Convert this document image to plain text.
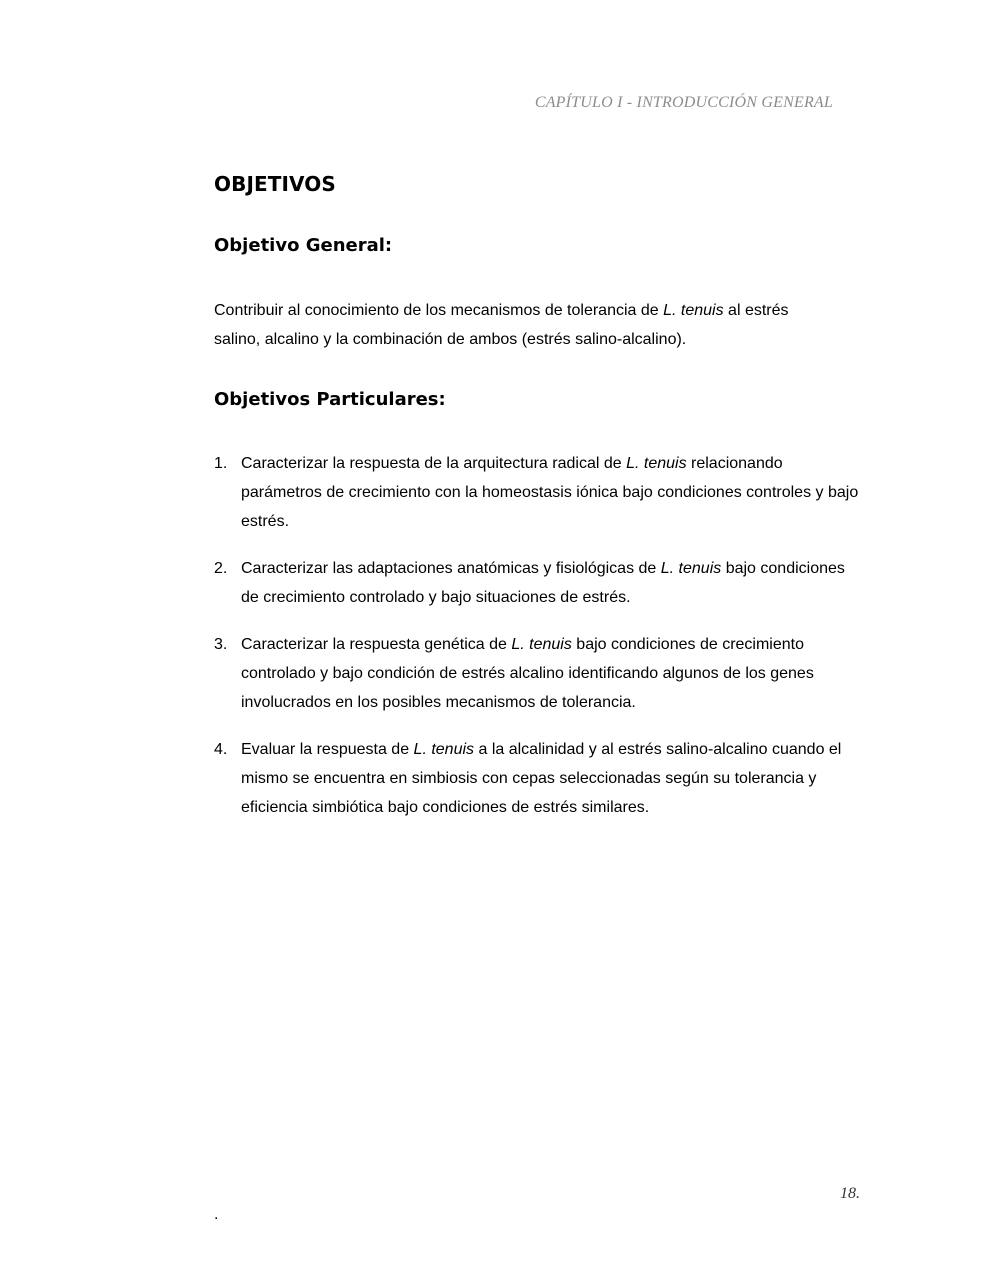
CAPÍTULO I - INTRODUCCIÓN GENERAL
OBJETIVOS
Objetivo General:

Contribuir al conocimiento de los mecanismos de tolerancia de L. tenuis al estrés salino, alcalino y la combinación de ambos (estrés salino-alcalino).

Objetivos Particulares:
1. Caracterizar la respuesta de la arquitectura radical de L. tenuis relacionando parámetros de crecimiento con la homeostasis iónica bajo condiciones controles y bajo estrés.
2. Caracterizar las adaptaciones anatómicas y fisiológicas de L. tenuis bajo condiciones de crecimiento controlado y bajo situaciones de estrés.
3. Caracterizar la respuesta genética de L. tenuis bajo condiciones de crecimiento controlado y bajo condición de estrés alcalino identificando algunos de los genes involucrados en los posibles mecanismos de tolerancia.
4. Evaluar la respuesta de L. tenuis a la alcalinidad y al estrés salino-alcalino cuando el mismo se encuentra en simbiosis con cepas seleccionadas según su tolerancia y eficiencia simbiótica bajo condiciones de estrés similares.
18.
.
